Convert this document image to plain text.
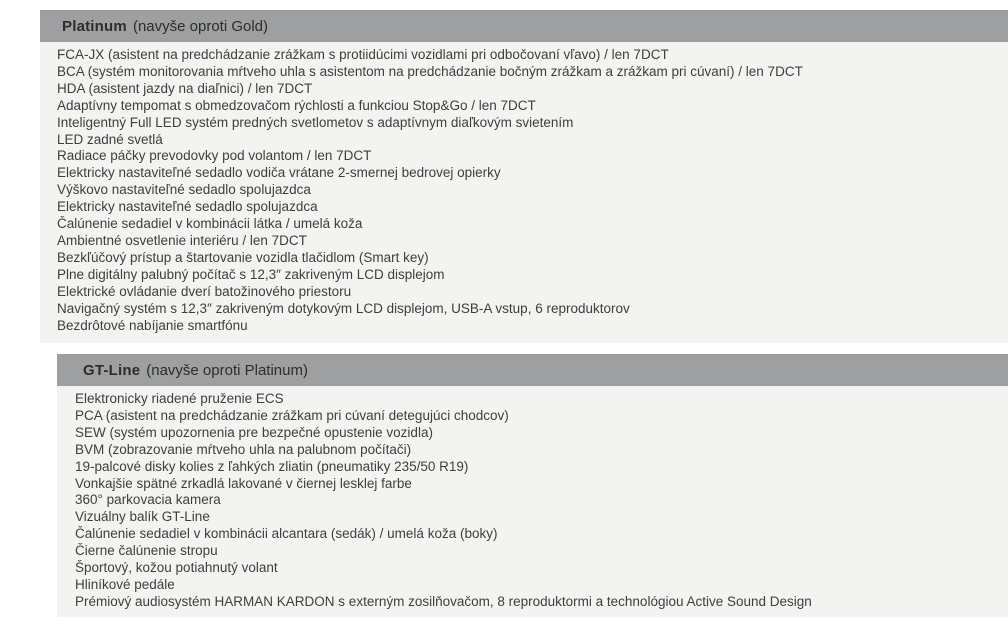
Platinum (navyše oproti Gold)
FCA-JX (asistent na predchádzanie zrážkam s protiidúcimi vozidlami pri odbočovaní vľavo) / len 7DCT
BCA (systém monitorovania mŕtveho uhla s asistentom na predchádzanie bočným zrážkam a zrážkam pri cúvaní) / len 7DCT
HDA (asistent jazdy na diaľnici) / len 7DCT
Adaptívny tempomat s obmedzovačom rýchlosti a funkciou Stop&Go / len 7DCT
Inteligentný Full LED systém predných svetlometov s adaptívnym diaľkovým svietením
LED zadné svetlá
Radiace páčky prevodovky pod volantom / len 7DCT
Elektricky nastaviteľné sedadlo vodiča vrátane 2-smernej bedrovej opierky
Výškovo nastaviteľné sedadlo spolujazdca
Elektricky nastaviteľné sedadlo spolujazdca
Čalúnenie sedadiel v kombinácii látka / umelá koža
Ambientné osvetlenie interiéru / len 7DCT
Bezkľúčový prístup a štartovanie vozidla tlačidlom (Smart key)
Plne digitálny palubný počítač s 12,3″ zakriveným LCD displejom
Elektrické ovládanie dverí batožinového priestoru
Navigačný systém s 12,3″ zakriveným dotykovým LCD displejom, USB-A vstup, 6 reproduktorov
Bezdrôtové nabíjanie smartfónu
GT-Line (navyše oproti Platinum)
Elektronicky riadené pruženie ECS
PCA (asistent na predchádzanie zrážkam pri cúvaní detegujúci chodcov)
SEW (systém upozornenia pre bezpečné opustenie vozidla)
BVM (zobrazovanie mŕtveho uhla na palubnom počítači)
19-palcové disky kolies z ľahkých zliatin (pneumatiky 235/50 R19)
Vonkajšie spätné zrkadlá lakované v čiernej lesklej farbe
360° parkovacia kamera
Vizuálny balík GT-Line
Čalúnenie sedadiel v kombinácii alcantara (sedák) / umelá koža (boky)
Čierne čalúnenie stropu
Športový, kožou potiahnutý volant
Hliníkové pedále
Prémiový audiosystém HARMAN KARDON s externým zosilňovačom, 8 reproduktormi a technológiou Active Sound Design
